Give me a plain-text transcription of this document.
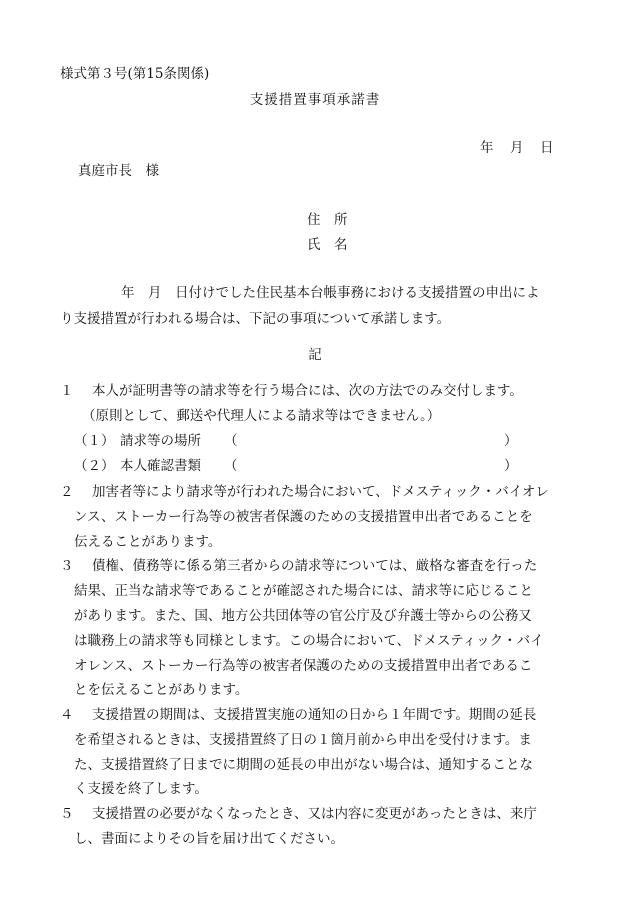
様式第３号(第15条関係)
支援措置事項承諾書
年 月 日
真庭市長　様
住　所
氏　名
年　月　日付けでした住民基本台帳事務における支援措置の申出によ
り支援措置が行われる場合は、下記の事項について承諾します。
記
１ 本人が証明書等の請求等を行う場合には、次の方法でのみ交付します。
（原則として、郵送や代理人による請求等はできません。）
（１） 請求等の場所 （	）
（２） 本人確認書類 （	）
２ 加害者等により請求等が行われた場合において、ドメスティック・バイオレ
ンス、ストーカー行為等の被害者保護のための支援措置申出者であることを
伝えることがあります。
３ 債権、債務等に係る第三者からの請求等については、厳格な審査を行った
結果、正当な請求等であることが確認された場合には、請求等に応じること
があります。また、国、地方公共団体等の官公庁及び弁護士等からの公務又
は職務上の請求等も同様とします。この場合において、ドメスティック・バイ
オレンス、ストーカー行為等の被害者保護のための支援措置申出者であるこ
とを伝えることがあります。
４ 支援措置の期間は、支援措置実施の通知の日から１年間です。期間の延長
を希望されるときは、支援措置終了日の１箇月前から申出を受付けます。ま
た、支援措置終了日までに期間の延長の申出がない場合は、通知することな
く支援を終了します。
５ 支援措置の必要がなくなったとき、又は内容に変更があったときは、来庁
し、書面によりその旨を届け出てください。
